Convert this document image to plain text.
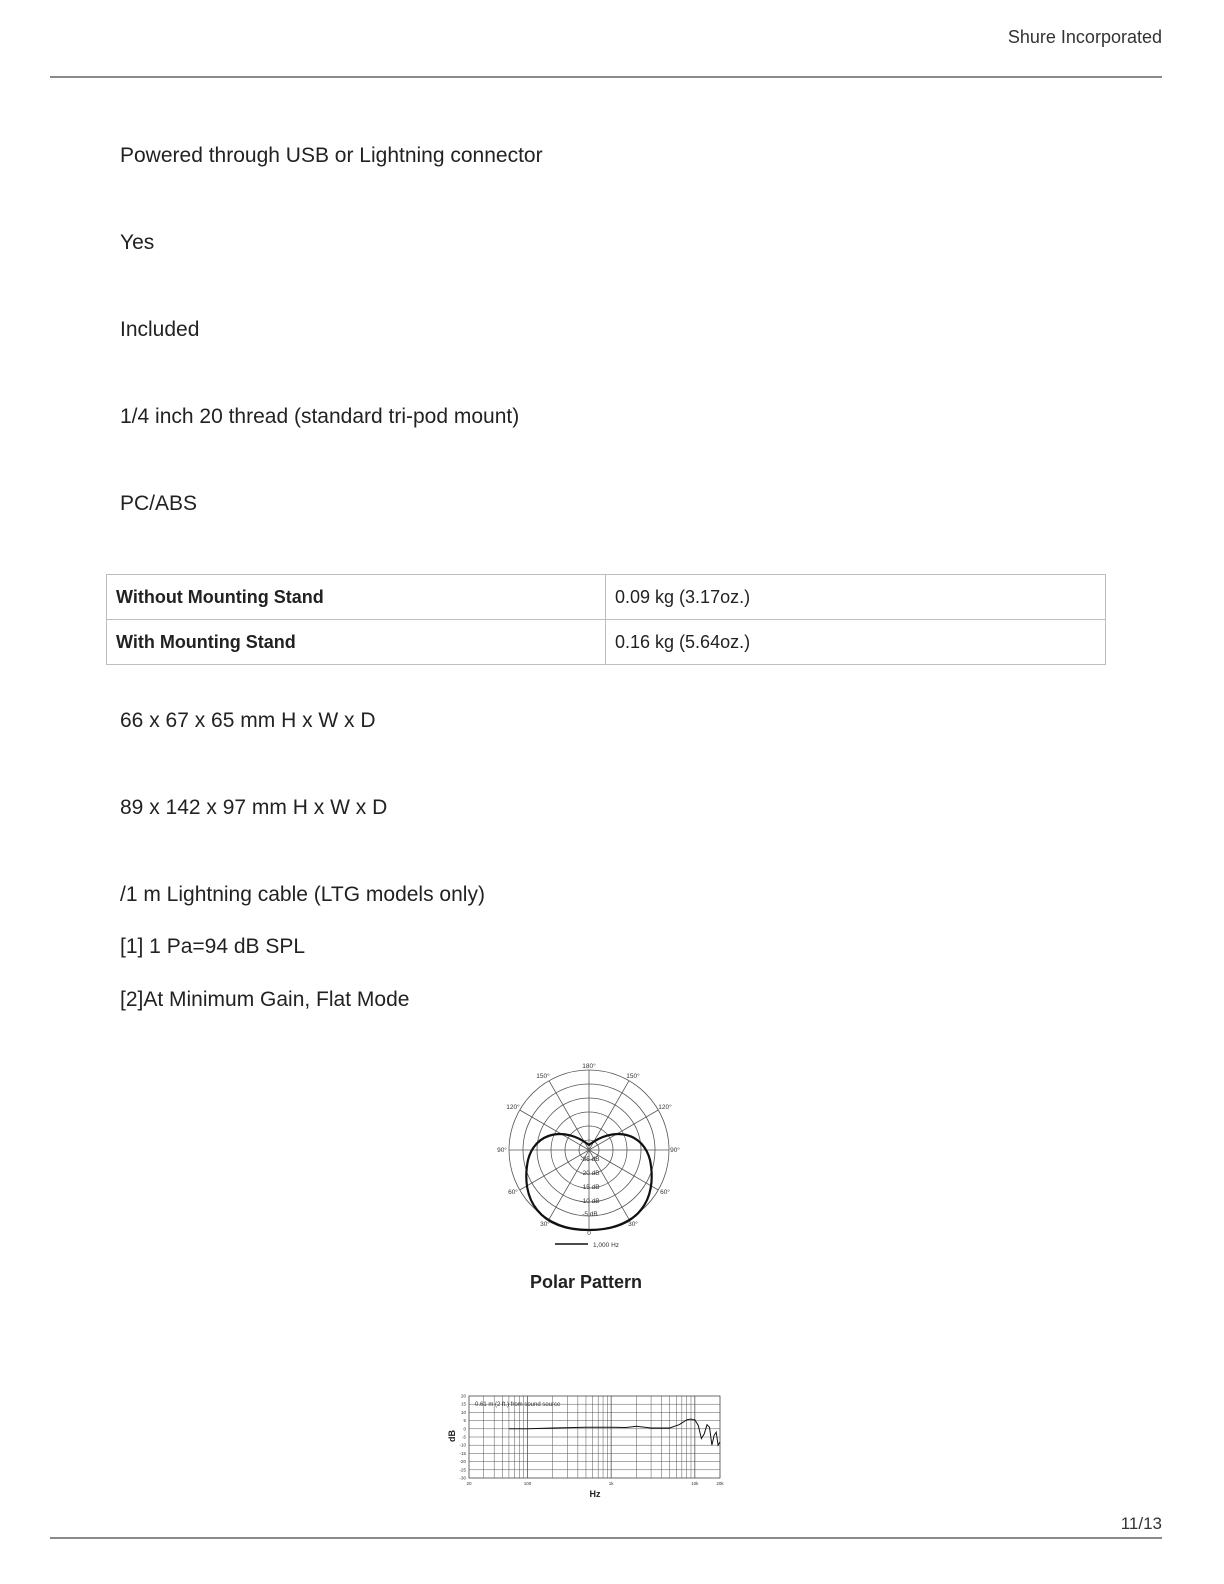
Shure Incorporated
Powered through USB or Lightning connector
Yes
Included
1/4 inch 20 thread (standard tri-pod mount)
PC/ABS
Without Mounting Stand	0.09 kg (3.17oz.)
With Mounting Stand	0.16 kg (5.64oz.)
66 x 67 x 65 mm H x W x D
89 x 142 x 97 mm H x W x D
/1 m Lightning cable (LTG models only)
[1] 1 Pa=94 dB SPL
[2]At Minimum Gain, Flat Mode
180°
150°	150°
120°	120°
90°	90°
60°	60°
30°	30°
0
-25 dB
-20 dB
-15 dB
-10 dB
-5 dB
1,000 Hz
Polar Pattern
20	100	1k	10k	20k
20
15
10
5
0
-5
-10
-15
-20
-25
-30
0.61 m (2 ft.) from sound source
Hz
dB
11/13
